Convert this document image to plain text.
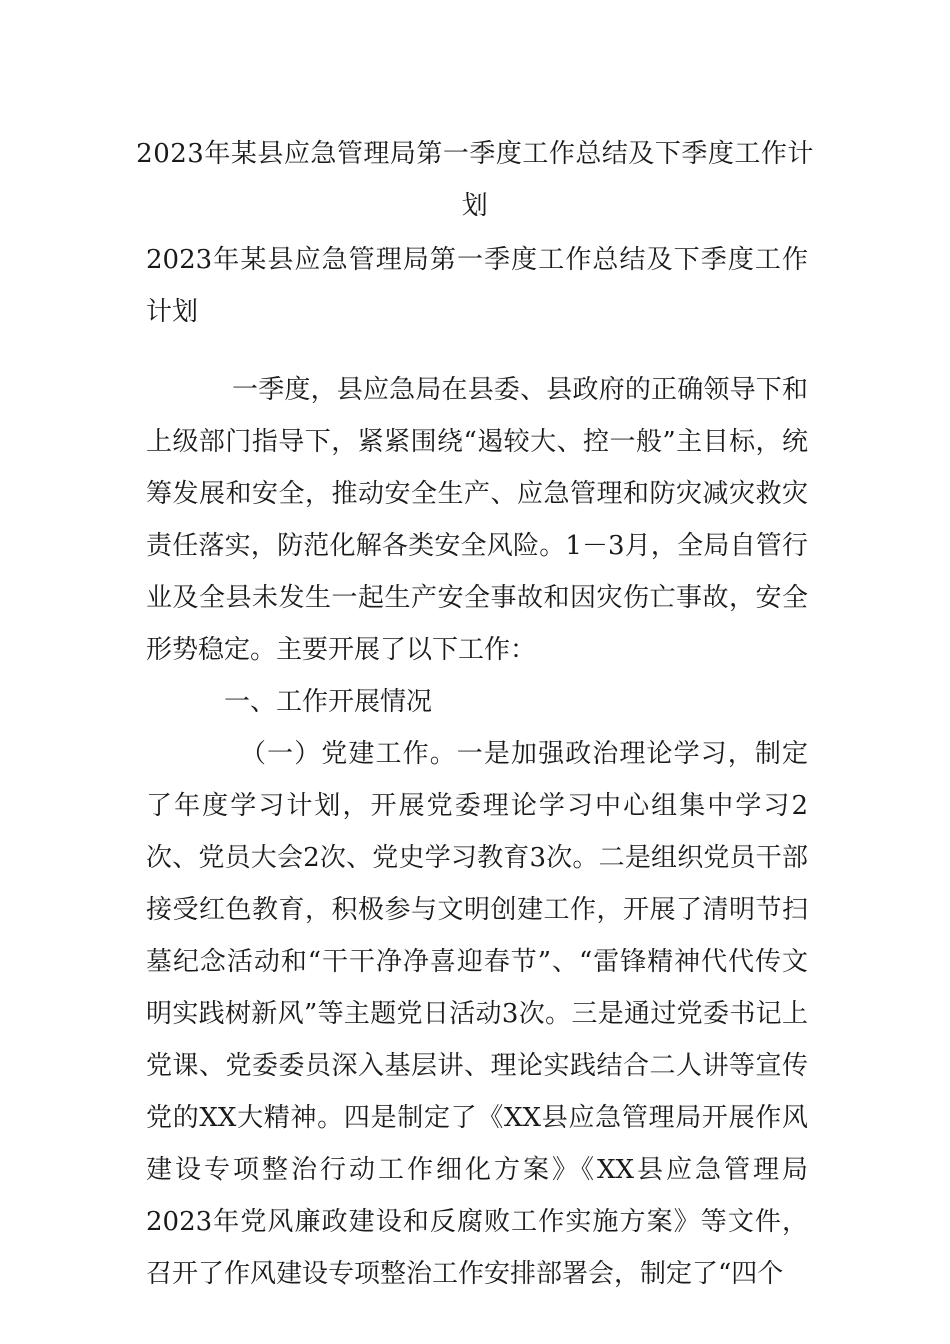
2023年某县应急管理局第一季度工作总结及下季度工作计划

2023年某县应急管理局第一季度工作总结及下季度工作计划

一季度，县应急局在县委、县政府的正确领导下和上级部门指导下，紧紧围绕“遏较大、控一般”主目标，统筹发展和安全，推动安全生产、应急管理和防灾减灾救灾责任落实，防范化解各类安全风险。1－3月，全局自管行业及全县未发生一起生产安全事故和因灾伤亡事故，安全形势稳定。主要开展了以下工作：

一、工作开展情况

（一）党建工作。一是加强政治理论学习，制定了年度学习计划，开展党委理论学习中心组集中学习2次、党员大会2次、党史学习教育3次。二是组织党员干部接受红色教育，积极参与文明创建工作，开展了清明节扫墓纪念活动和“干干净净喜迎春节”、“雷锋精神代代传文明实践树新风”等主题党日活动3次。三是通过党委书记上党课、党委委员深入基层讲、理论实践结合二人讲等宣传党的XX大精神。四是制定了《XX县应急管理局开展作风建设专项整治行动工作细化方案》《XX县应急管理局2023年党风廉政建设和反腐败工作实施方案》等文件，召开了作风建设专项整治工作安排部署会，制定了“四个
